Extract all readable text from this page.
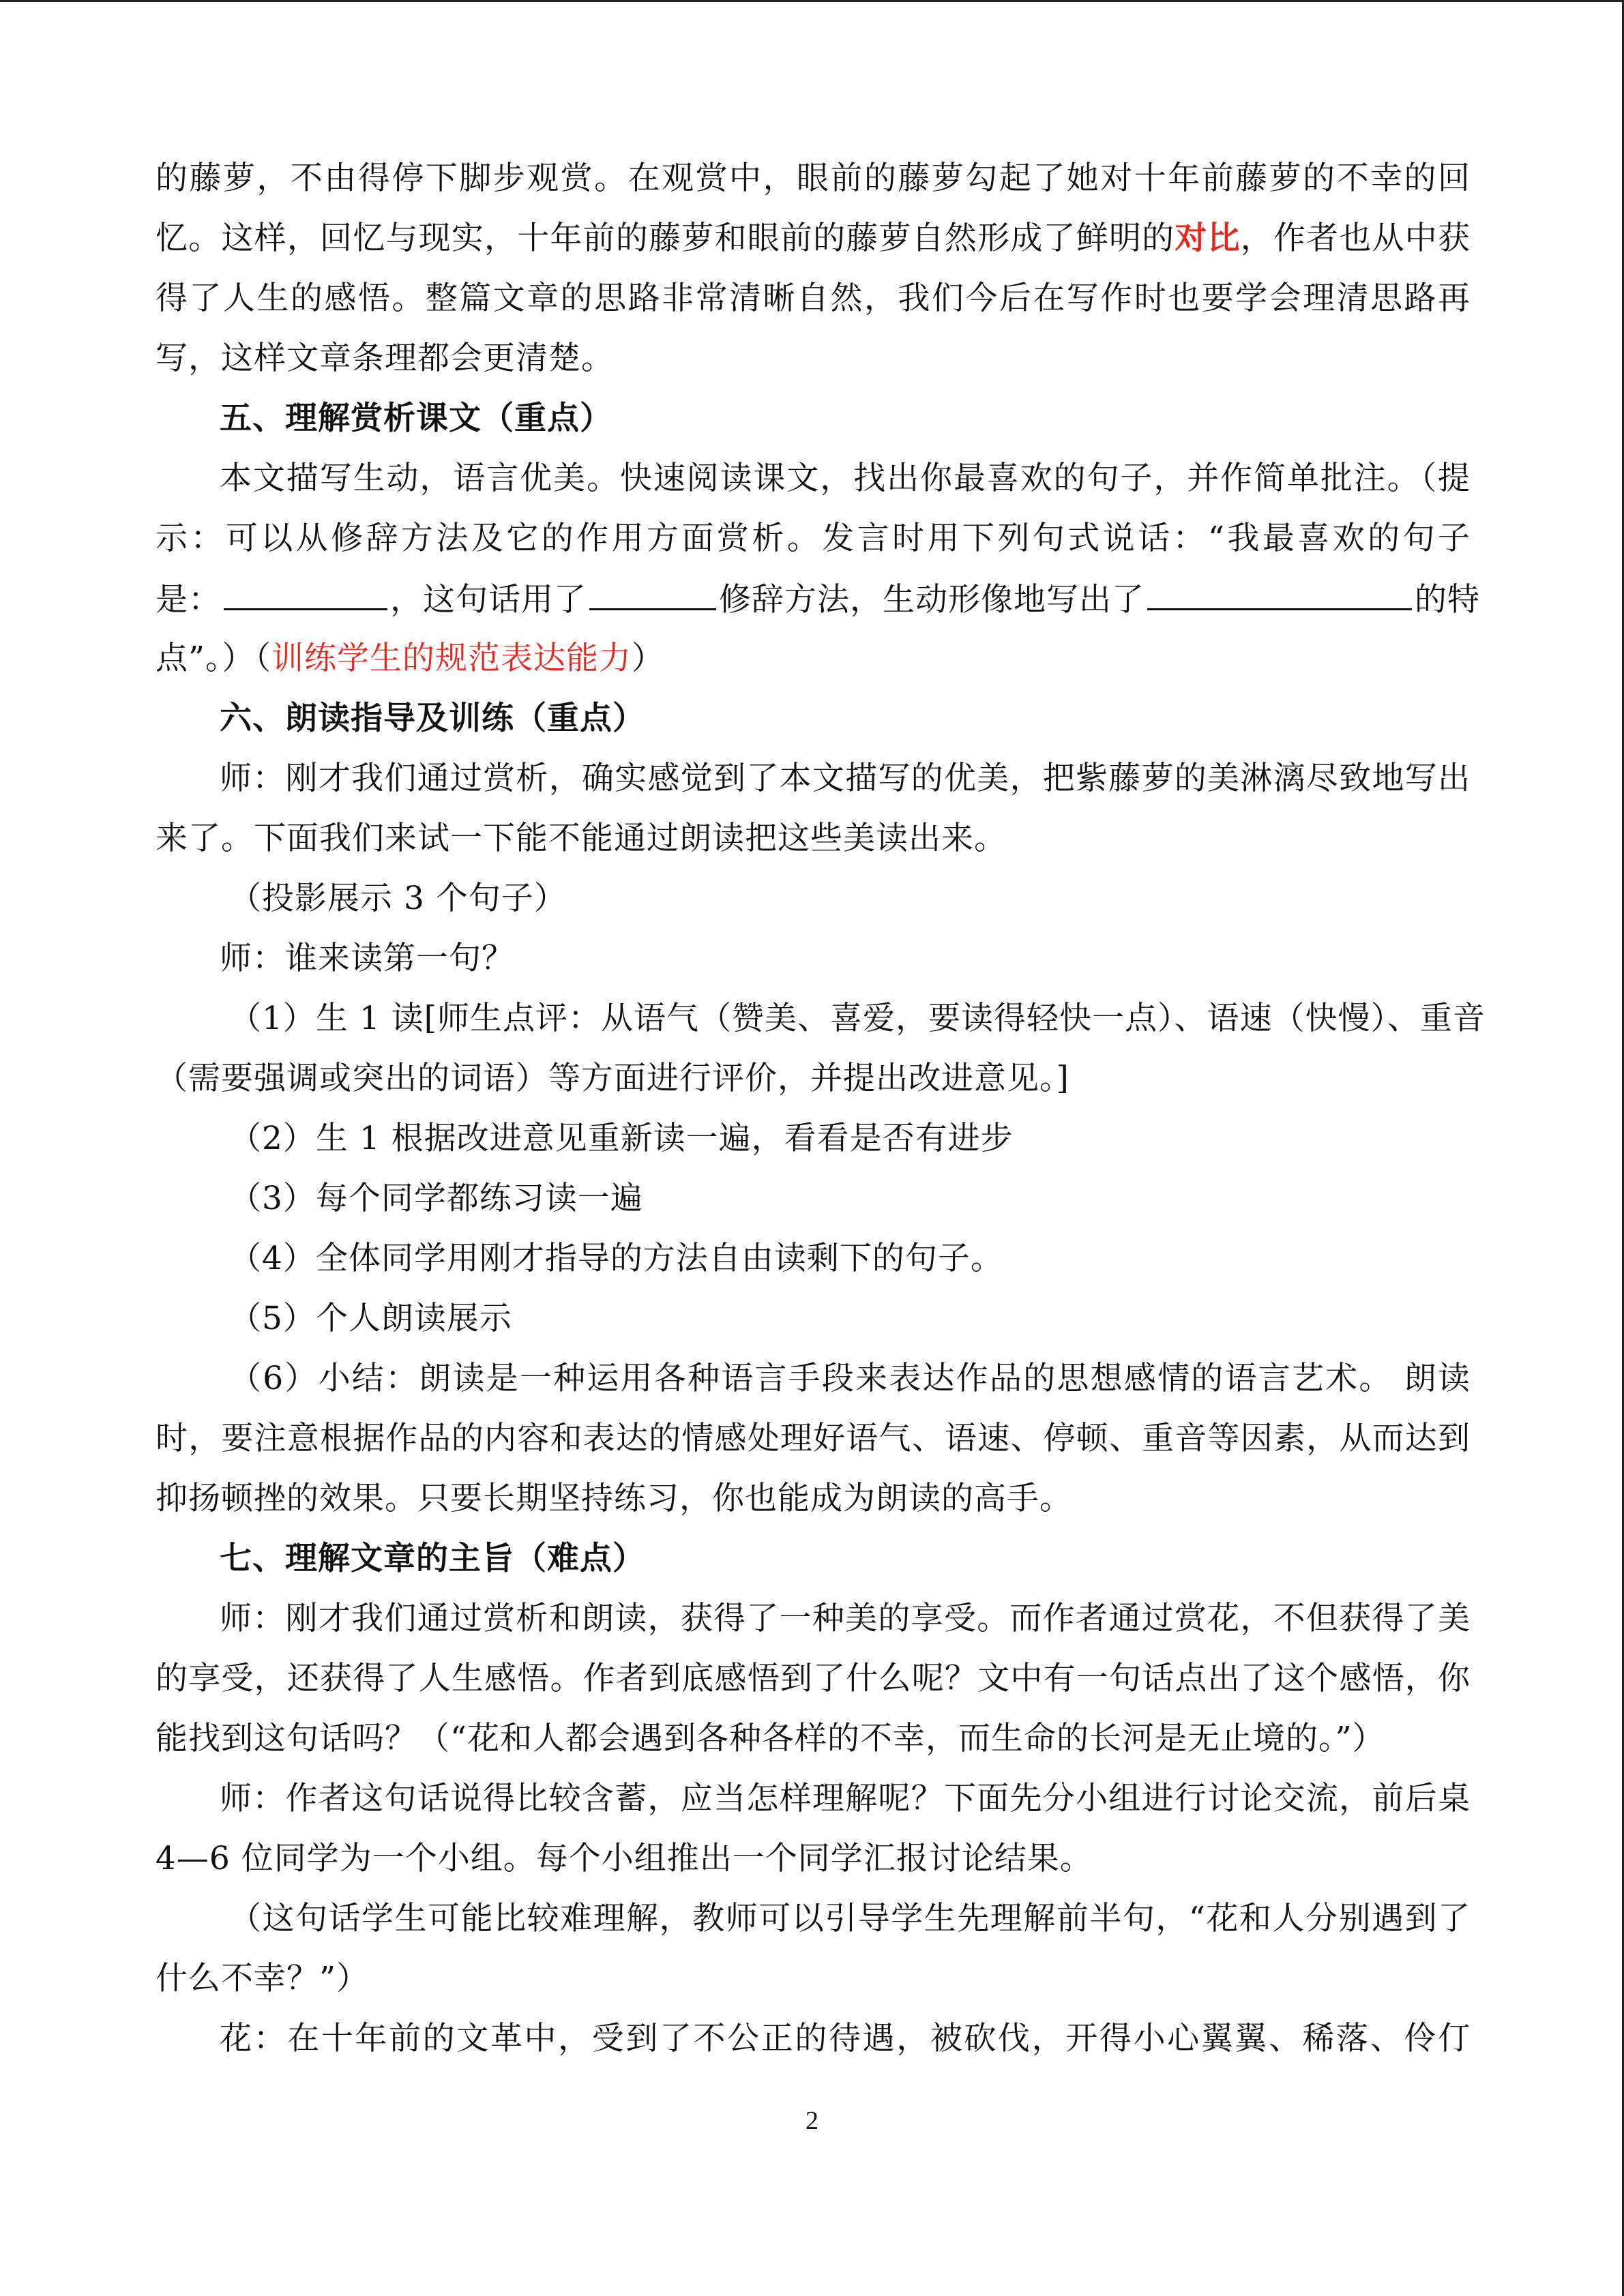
的藤萝，不由得停下脚步观赏。在观赏中，眼前的藤萝勾起了她对十年前藤萝的不幸的回
忆。这样，回忆与现实，十年前的藤萝和眼前的藤萝自然形成了鲜明的对比，作者也从中获
得了人生的感悟。整篇文章的思路非常清晰自然，我们今后在写作时也要学会理清思路再
写，这样文章条理都会更清楚。
五、理解赏析课文（重点）
本文描写生动，语言优美。快速阅读课文，找出你最喜欢的句子，并作简单批注。（提
示：可以从修辞方法及它的作用方面赏析。发言时用下列句式说话：“我最喜欢的句子
是：	，这句话用了	修辞方法，生动形像地写出了	的特
点”。）（训练学生的规范表达能力）
六、朗读指导及训练（重点）
师：刚才我们通过赏析，确实感觉到了本文描写的优美，把紫藤萝的美淋漓尽致地写出
来了。下面我们来试一下能不能通过朗读把这些美读出来。
（投影展示 3 个句子）
师：谁来读第一句？
（1）生 1 读[师生点评：从语气（赞美、喜爱，要读得轻快一点）、语速（快慢）、重音
（需要强调或突出的词语）等方面进行评价，并提出改进意见。]
（2）生 1 根据改进意见重新读一遍，看看是否有进步
（3）每个同学都练习读一遍
（4）全体同学用刚才指导的方法自由读剩下的句子。
（5）个人朗读展示
（6）小结：朗读是一种运用各种语言手段来表达作品的思想感情的语言艺术。 朗读
时，要注意根据作品的内容和表达的情感处理好语气、语速、停顿、重音等因素，从而达到
抑扬顿挫的效果。只要长期坚持练习，你也能成为朗读的高手。
七、理解文章的主旨（难点）
师：刚才我们通过赏析和朗读，获得了一种美的享受。而作者通过赏花，不但获得了美
的享受，还获得了人生感悟。作者到底感悟到了什么呢？文中有一句话点出了这个感悟，你
能找到这句话吗？（“花和人都会遇到各种各样的不幸，而生命的长河是无止境的。”）
师：作者这句话说得比较含蓄，应当怎样理解呢？下面先分小组进行讨论交流，前后桌
4—6 位同学为一个小组。每个小组推出一个同学汇报讨论结果。
（这句话学生可能比较难理解，教师可以引导学生先理解前半句，“花和人分别遇到了
什么不幸？”）
花：在十年前的文革中，受到了不公正的待遇，被砍伐，开得小心翼翼、稀落、伶仃
2
